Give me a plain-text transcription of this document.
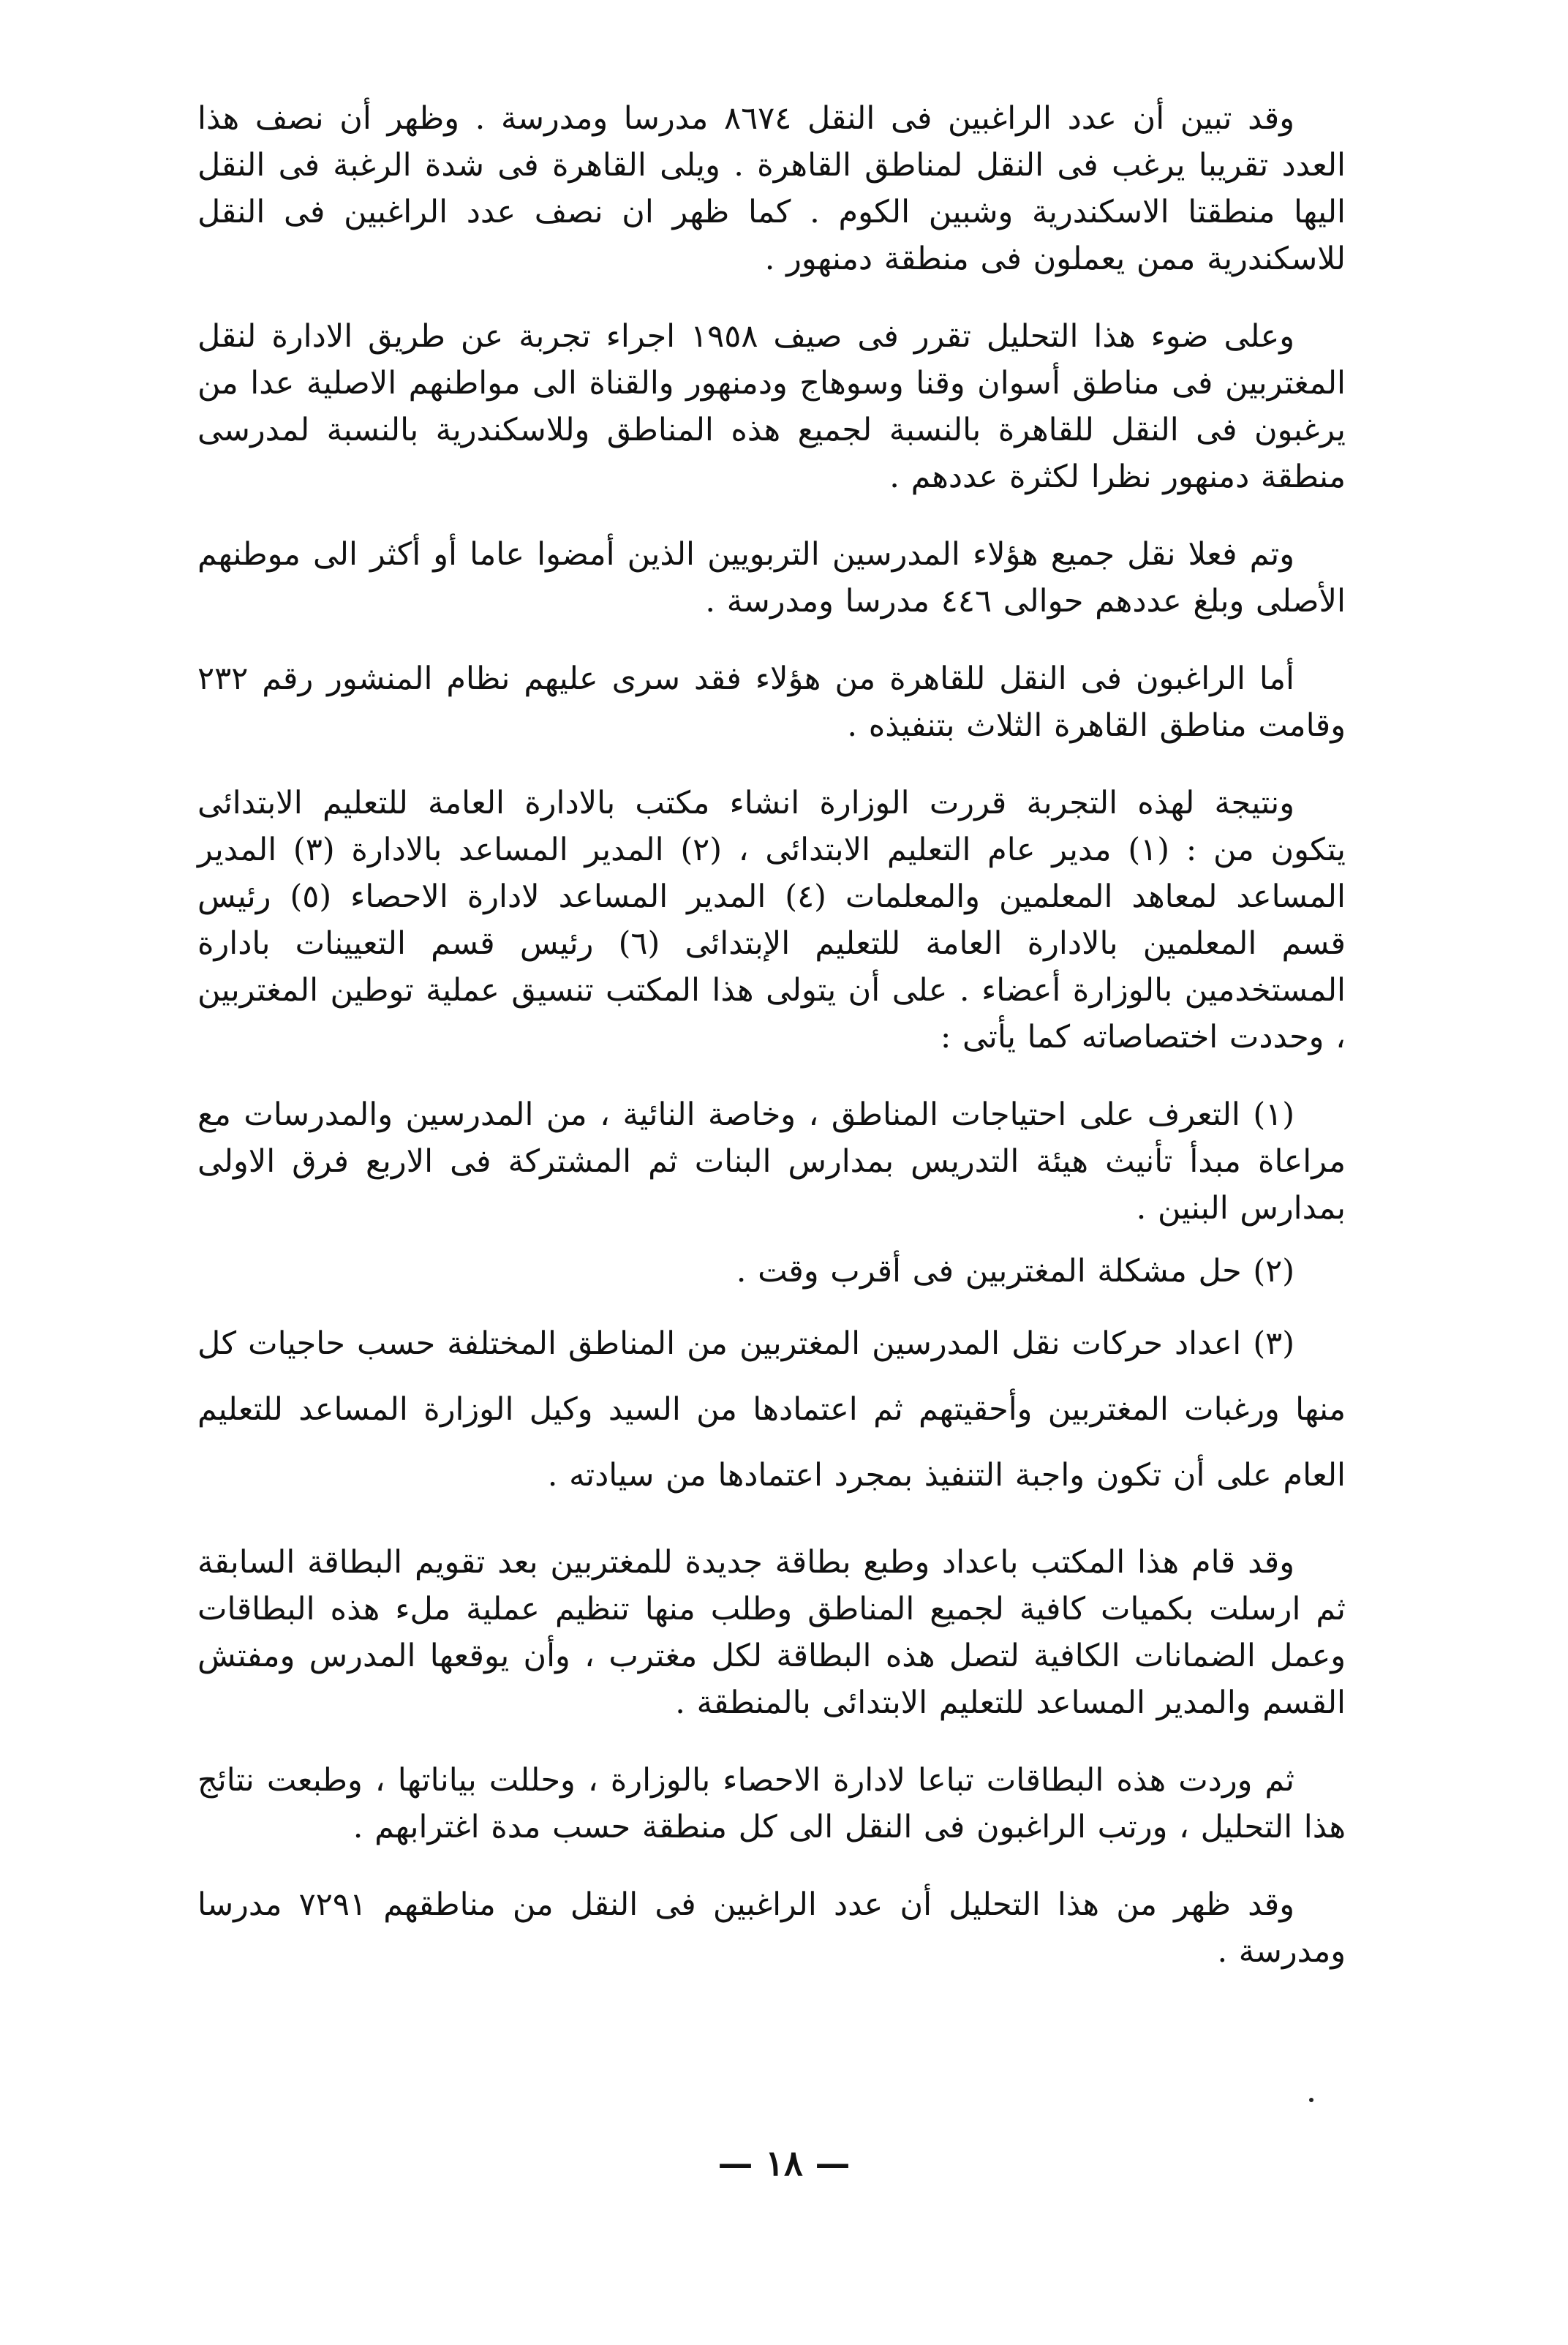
وقد تبين أن عدد الراغبين فى النقل ٨٦٧٤ مدرسا ومدرسة . وظهر أن نصف هذا العدد تقريبا يرغب فى النقل لمناطق القاهرة . ويلى القاهرة فى شدة الرغبة فى النقل اليها منطقتا الاسكندرية وشبين الكوم . كما ظهر ان نصف عدد الراغبين فى النقل للاسكندرية ممن يعملون فى منطقة دمنهور .

وعلى ضوء هذا التحليل تقرر فى صيف ١٩٥٨ اجراء تجربة عن طريق الادارة لنقل المغتربين فى مناطق أسوان وقنا وسوهاج ودمنهور والقناة الى مواطنهم الاصلية عدا من يرغبون فى النقل للقاهرة بالنسبة لجميع هذه المناطق وللاسكندرية بالنسبة لمدرسى منطقة دمنهور نظرا لكثرة عددهم .

وتم فعلا نقل جميع هؤلاء المدرسين التربويين الذين أمضوا عاما أو أكثر الى موطنهم الأصلى وبلغ عددهم حوالى ٤٤٦ مدرسا ومدرسة .

أما الراغبون فى النقل للقاهرة من هؤلاء فقد سرى عليهم نظام المنشور رقم ٢٣٢ وقامت مناطق القاهرة الثلاث بتنفيذه .

ونتيجة لهذه التجربة قررت الوزارة انشاء مكتب بالادارة العامة للتعليم الابتدائى يتكون من : (١) مدير عام التعليم الابتدائى ، (٢) المدير المساعد بالادارة (٣) المدير المساعد لمعاهد المعلمين والمعلمات (٤) المدير المساعد لادارة الاحصاء (٥) رئيس قسم المعلمين بالادارة العامة للتعليم الإبتدائى (٦) رئيس قسم التعيينات بادارة المستخدمين بالوزارة أعضاء . على أن يتولى هذا المكتب تنسيق عملية توطين المغتربين ، وحددت اختصاصاته كما يأتى :

(١) التعرف على احتياجات المناطق ، وخاصة النائية ، من المدرسين والمدرسات مع مراعاة مبدأ تأنيث هيئة التدريس بمدارس البنات ثم المشتركة فى الاربع فرق الاولى بمدارس البنين .

(٢) حل مشكلة المغتربين فى أقرب وقت .

(٣) اعداد حركات نقل المدرسين المغتربين من المناطق المختلفة حسب حاجيات كل منها ورغبات المغتربين وأحقيتهم ثم اعتمادها من السيد وكيل الوزارة المساعد للتعليم العام على أن تكون واجبة التنفيذ بمجرد اعتمادها من سيادته .

وقد قام هذا المكتب باعداد وطبع بطاقة جديدة للمغتربين بعد تقويم البطاقة السابقة ثم ارسلت بكميات كافية لجميع المناطق وطلب منها تنظيم عملية ملء هذه البطاقات وعمل الضمانات الكافية لتصل هذه البطاقة لكل مغترب ، وأن يوقعها المدرس ومفتش القسم والمدير المساعد للتعليم الابتدائى بالمنطقة .

ثم وردت هذه البطاقات تباعا لادارة الاحصاء بالوزارة ، وحللت بياناتها ، وطبعت نتائج هذا التحليل ، ورتب الراغبون فى النقل الى كل منطقة حسب مدة اغترابهم .

وقد ظهر من هذا التحليل أن عدد الراغبين فى النقل من مناطقهم ٧٢٩١ مدرسا ومدرسة .

— ١٨ —
